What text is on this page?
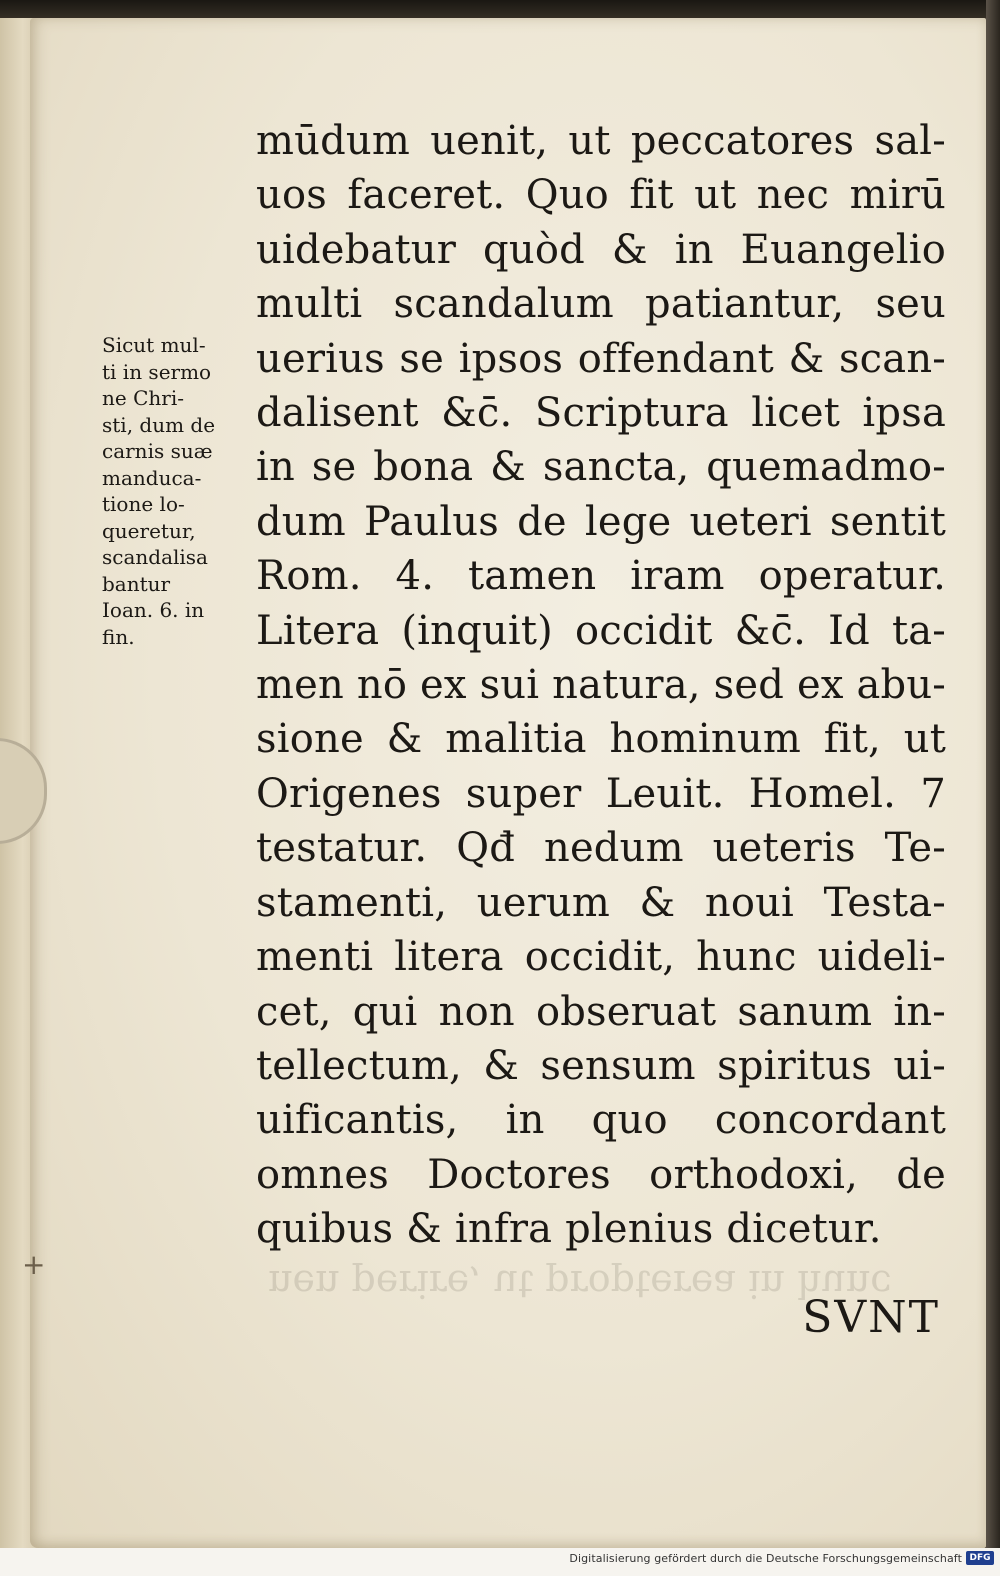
nen perire, ut propterea in hunc
mūdum uenit, ut peccatores sal-
uos faceret. Quo fit ut nec mirū
uidebatur quòd & in Euangelio
multi scandalum patiantur, seu
uerius se ipsos offendant & scan-
dalisent &c̄. Scriptura licet ipsa
in se bona & sancta, quemadmo-
dum Paulus de lege ueteri sentit
Rom. 4. tamen iram operatur.
Litera (inquit) occidit &c̄. Id ta-
men nō ex sui natura, sed ex abu-
sione & malitia hominum fit, ut
Origenes super Leuit. Homel. 7
testatur. Qđ nedum ueteris Te-
stamenti, uerum & noui Testa-
menti litera occidit, hunc uideli-
cet, qui non obseruat sanum in-
tellectum, & sensum spiritus ui-
uificantis, in quo concordant
omnes Doctores orthodoxi, de
quibus & infra plenius dicetur.
Sicut mul-
ti in sermo
ne Chri-
sti, dum de
carnis suæ
manduca-
tione lo-
queretur,
scandalisa
bantur
Ioan. 6. in
fin.
SVNT
+
Digitalisierung gefördert durch die Deutsche Forschungsgemeinschaft DFG
